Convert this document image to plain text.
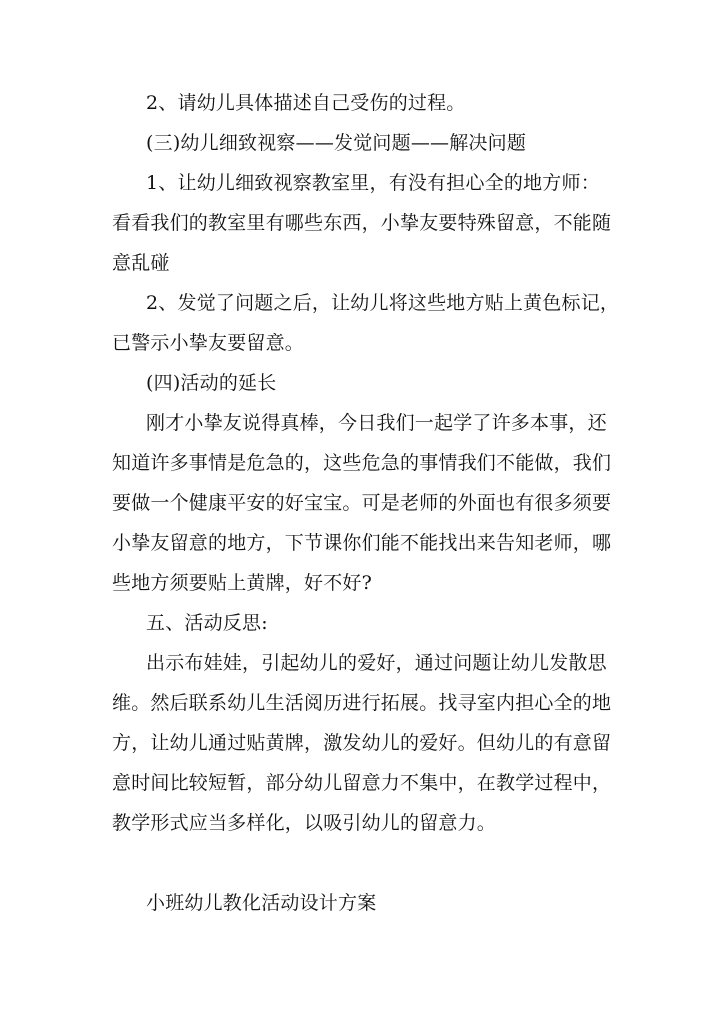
2、请幼儿具体描述自己受伤的过程。

(三)幼儿细致视察——发觉问题——解决问题

1、让幼儿细致视察教室里，有没有担心全的地方师：

看看我们的教室里有哪些东西，小挚友要特殊留意，不能随

意乱碰

2、发觉了问题之后，让幼儿将这些地方贴上黄色标记，

已警示小挚友要留意。

(四)活动的延长

刚才小挚友说得真棒，今日我们一起学了许多本事，还

知道许多事情是危急的，这些危急的事情我们不能做，我们

要做一个健康平安的好宝宝。可是老师的外面也有很多须要

小挚友留意的地方，下节课你们能不能找出来告知老师，哪

些地方须要贴上黄牌，好不好?

五、活动反思:

出示布娃娃，引起幼儿的爱好，通过问题让幼儿发散思

维。然后联系幼儿生活阅历进行拓展。找寻室内担心全的地

方，让幼儿通过贴黄牌，激发幼儿的爱好。但幼儿的有意留

意时间比较短暂，部分幼儿留意力不集中，在教学过程中，

教学形式应当多样化，以吸引幼儿的留意力。

小班幼儿教化活动设计方案
